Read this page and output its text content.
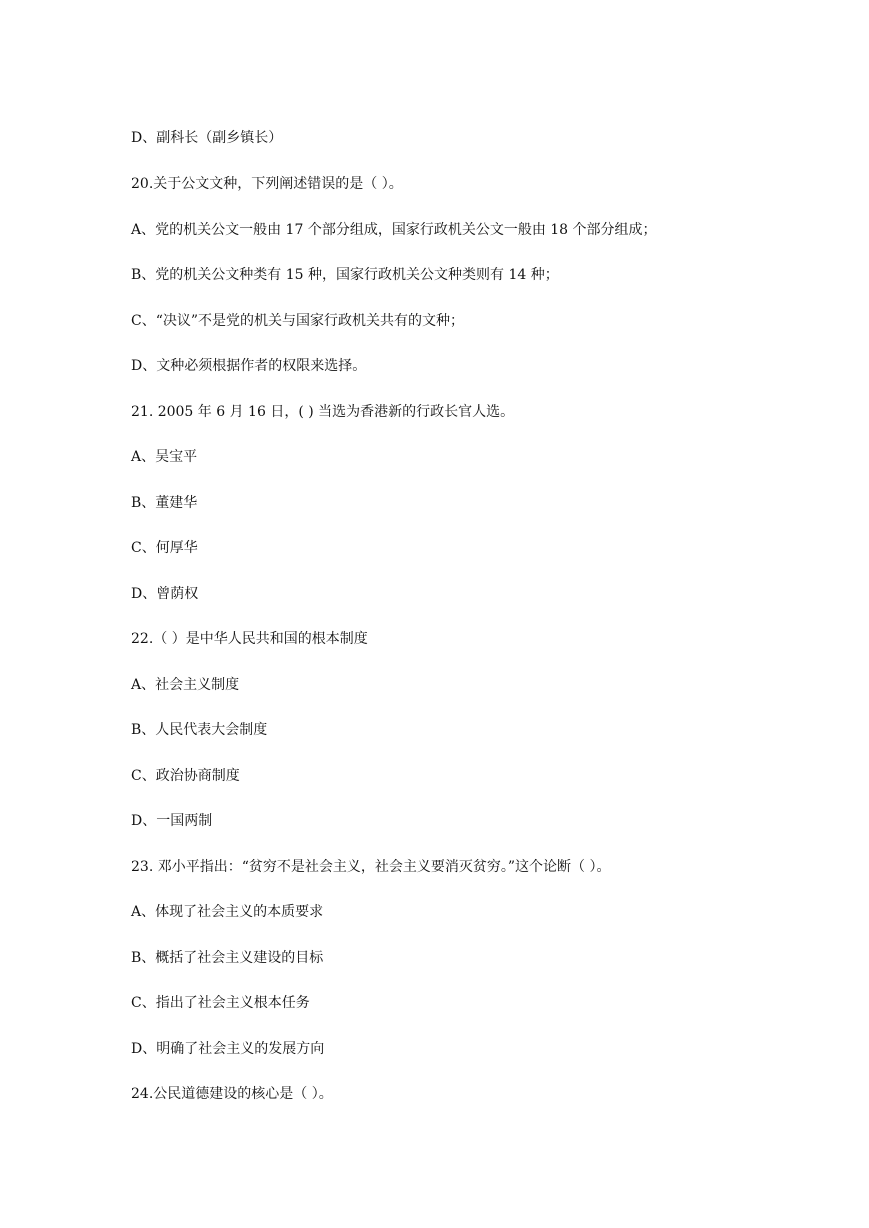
D、副科长（副乡镇长）
20.关于公文文种，下列阐述错误的是（ ）。
A、党的机关公文一般由 17 个部分组成，国家行政机关公文一般由 18 个部分组成；
B、党的机关公文种类有 15 种，国家行政机关公文种类则有 14 种；
C、“决议”不是党的机关与国家行政机关共有的文种；
D、文种必须根据作者的权限来选择。
21. 2005 年 6 月 16 日，( ) 当选为香港新的行政长官人选。
A、吴宝平
B、董建华
C、何厚华
D、曾荫权
22.（ ）是中华人民共和国的根本制度
A、社会主义制度
B、人民代表大会制度
C、政治协商制度
D、一国两制
23. 邓小平指出：“贫穷不是社会主义，社会主义要消灭贫穷。”这个论断（ ）。
A、体现了社会主义的本质要求
B、概括了社会主义建设的目标
C、指出了社会主义根本任务
D、明确了社会主义的发展方向
24.公民道德建设的核心是（ ）。
